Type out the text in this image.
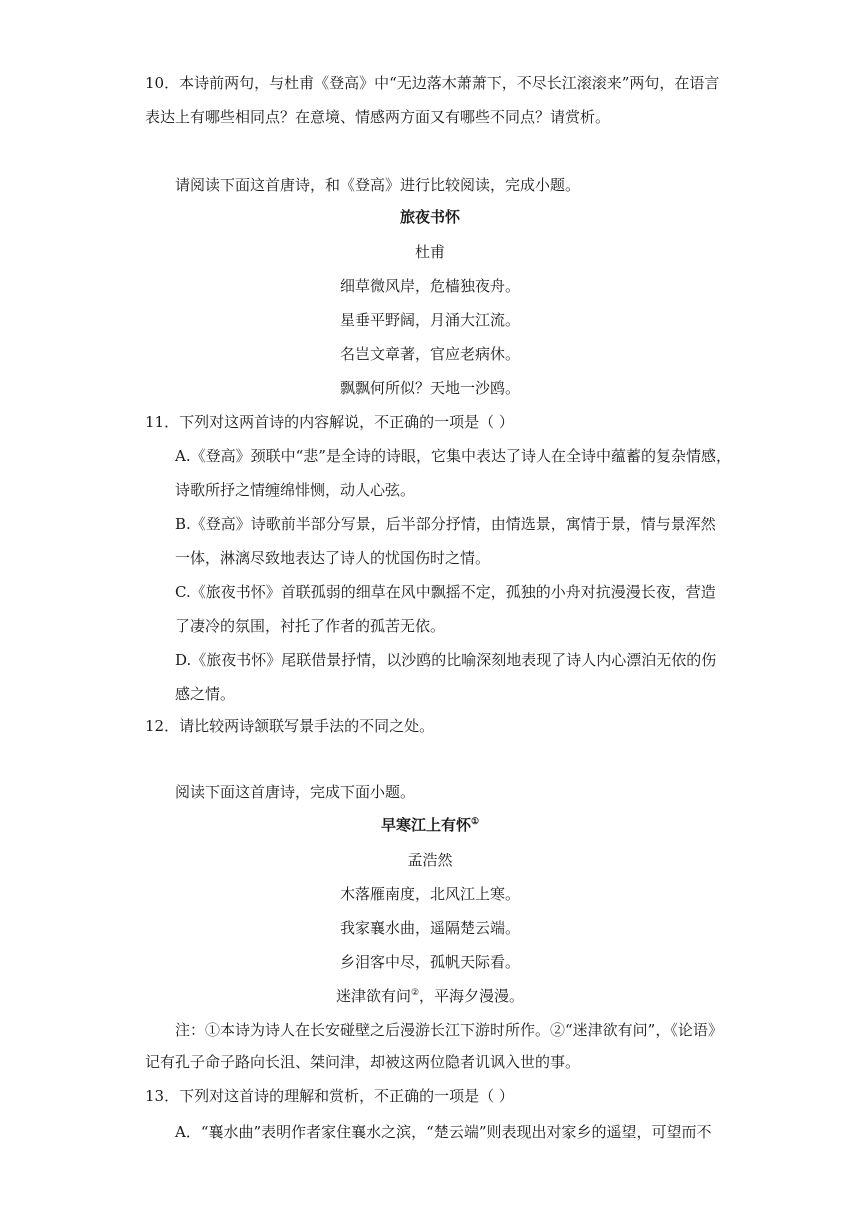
10．本诗前两句，与杜甫《登高》中“无边落木萧萧下，不尽长江滚滚来”两句，在语言
表达上有哪些相同点？在意境、情感两方面又有哪些不同点？请赏析。
请阅读下面这首唐诗，和《登高》进行比较阅读，完成小题。
旅夜书怀
杜甫
细草微风岸，危樯独夜舟。
星垂平野阔，月涌大江流。
名岂文章著，官应老病休。
飘飘何所似？天地一沙鸥。
11．下列对这两首诗的内容解说，不正确的一项是（ ）
A.《登高》颈联中“悲”是全诗的诗眼，它集中表达了诗人在全诗中蕴蓄的复杂情感，
诗歌所抒之情缠绵悱恻，动人心弦。
B.《登高》诗歌前半部分写景，后半部分抒情，由情选景，寓情于景，情与景浑然
一体，淋漓尽致地表达了诗人的忧国伤时之情。
C.《旅夜书怀》首联孤弱的细草在风中飘摇不定，孤独的小舟对抗漫漫长夜，营造
了凄冷的氛围，衬托了作者的孤苦无依。
D.《旅夜书怀》尾联借景抒情，以沙鸥的比喻深刻地表现了诗人内心漂泊无依的伤
感之情。
12．请比较两诗颔联写景手法的不同之处。
阅读下面这首唐诗，完成下面小题。
早寒江上有怀①
孟浩然
木落雁南度，北风江上寒。
我家襄水曲，遥隔楚云端。
乡泪客中尽，孤帆天际看。
迷津欲有问②，平海夕漫漫。
注：①本诗为诗人在长安碰壁之后漫游长江下游时所作。②“迷津欲有问”，《论语》
记有孔子命子路向长沮、桀问津，却被这两位隐者讥讽入世的事。
13．下列对这首诗的理解和赏析，不正确的一项是（ ）
A．“襄水曲”表明作者家住襄水之滨，“楚云端”则表现出对家乡的遥望，可望而不
